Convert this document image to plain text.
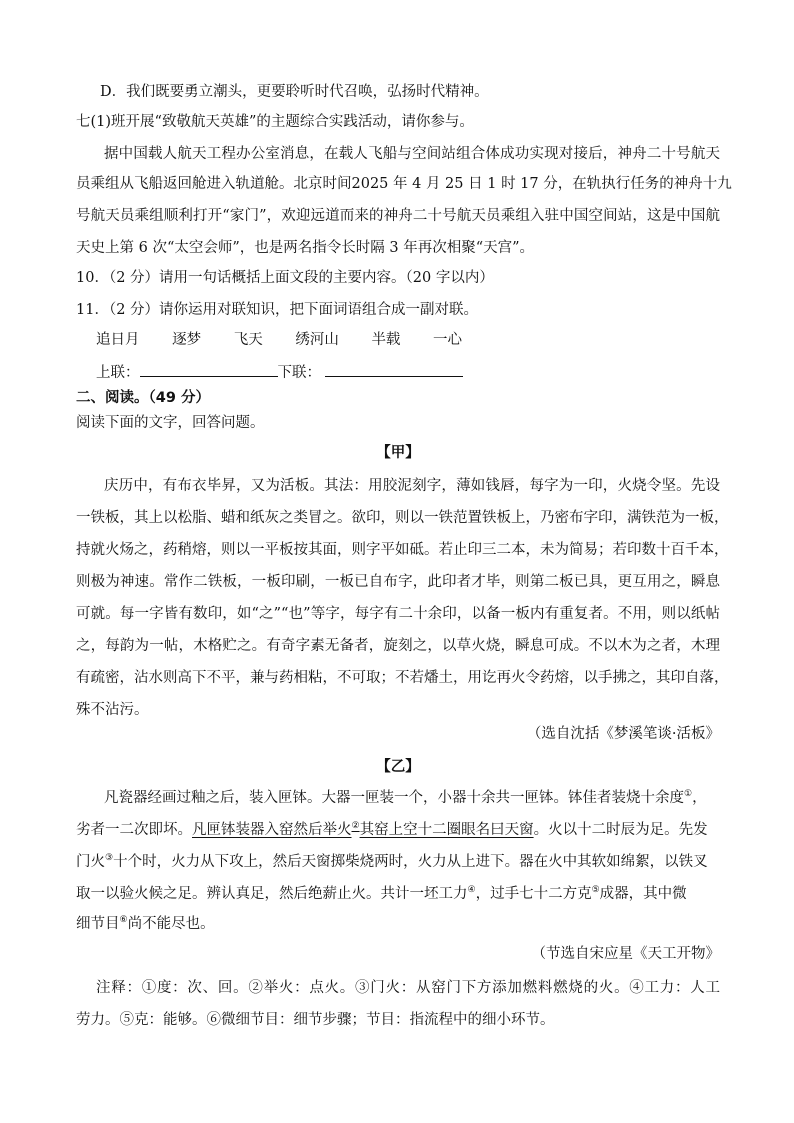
D．我们既要勇立潮头，更要聆听时代召唤，弘扬时代精神。
七(1)班开展“致敬航天英雄”的主题综合实践活动，请你参与。
据中国载人航天工程办公室消息，在载人飞船与空间站组合体成功实现对接后，神舟二十号航天
员乘组从飞船返回舱进入轨道舱。北京时间2025 年 4 月 25 日 1 时 17 分，在轨执行任务的神舟十九
号航天员乘组顺利打开“家门”，欢迎远道而来的神舟二十号航天员乘组入驻中国空间站，这是中国航
天史上第 6 次“太空会师”，也是两名指令长时隔 3 年再次相聚“天宫”。
10．（2 分）请用一句话概括上面文段的主要内容。（20 字以内）
11．（2 分）请你运用对联知识，把下面词语组合成一副对联。
追日月 逐梦 飞天 绣河山 半载 一心
上联：	下联：
二、阅读。（49 分）
阅读下面的文字，回答问题。
【甲】
庆历中，有布衣毕昇，又为活板。其法：用胶泥刻字，薄如钱唇，每字为一印，火烧令坚。先设
一铁板，其上以松脂、蜡和纸灰之类冒之。欲印，则以一铁范置铁板上，乃密布字印，满铁范为一板，
持就火炀之，药稍熔，则以一平板按其面，则字平如砥。若止印三二本，未为简易；若印数十百千本，
则极为神速。常作二铁板，一板印刷，一板已自布字，此印者才毕，则第二板已具，更互用之，瞬息
可就。每一字皆有数印，如“之”“也”等字，每字有二十余印，以备一板内有重复者。不用，则以纸帖
之，每韵为一帖，木格贮之。有奇字素无备者，旋刻之，以草火烧，瞬息可成。不以木为之者，木理
有疏密，沾水则高下不平，兼与药相粘，不可取；不若燔土，用讫再火令药熔，以手拂之，其印自落，
殊不沾污。
（选自沈括《梦溪笔谈·活板》
【乙】
凡瓷器经画过釉之后，装入匣钵。大器一匣装一个，小器十余共一匣钵。钵佳者装烧十余度①，
劣者一二次即坏。凡匣钵装器入窑然后举火②其窑上空十二圈眼名曰天窗。火以十二时辰为足。先发
门火③十个时，火力从下攻上，然后天窗掷柴烧两时，火力从上进下。器在火中其软如绵絮，以铁叉
取一以验火候之足。辨认真足，然后绝薪止火。共计一坯工力④，过手七十二方克⑤成器，其中微
细节目⑥尚不能尽也。
（节选自宋应星《天工开物》
注释：①度：次、回。②举火：点火。③门火：从窑门下方添加燃料燃烧的火。④工力：人工
劳力。⑤克：能够。⑥微细节目：细节步骤；节目：指流程中的细小环节。
